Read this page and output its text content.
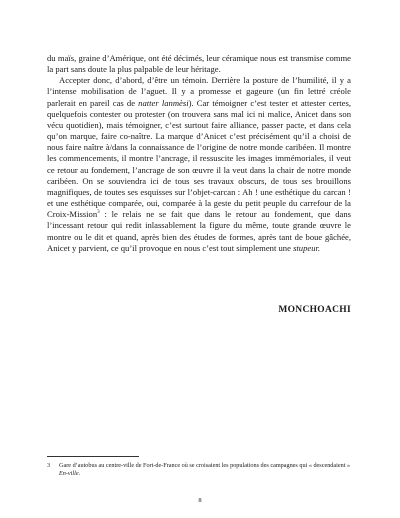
du maïs, graine d’Amérique, ont été décimés, leur céramique nous est transmise comme la part sans doute la plus palpable de leur héritage.

Accepter donc, d’abord, d’être un témoin. Derrière la posture de l’humilité, il y a l’intense mobilisation de l’aguet. Il y a promesse et gageure (un fin lettré créole parlerait en pareil cas de natter lanmèsi). Car témoigner c’est tester et attester certes, quelquefois contester ou protester (on trouvera sans mal ici ni malice, Anicet dans son vécu quotidien), mais témoigner, c’est surtout faire alliance, passer pacte, et dans cela qu’on marque, faire co-naître. La marque d’Anicet c’est précisément qu’il a choisi de nous faire naître à/dans la connaissance de l’origine de notre monde caribéen. Il montre les commencements, il montre l’ancrage, il ressuscite les images immémoriales, il veut ce retour au fondement, l’ancrage de son œuvre il la veut dans la chair de notre monde caribéen. On se souviendra ici de tous ses travaux obscurs, de tous ses brouillons magnifiques, de toutes ses esquisses sur l’objet-carcan : Ah ! une esthétique du carcan ! et une esthétique comparée, oui, comparée à la geste du petit peuple du carrefour de la Croix-Mission$^3$ : le relais ne se fait que dans le retour au fondement, que dans l’incessant retour qui redit inlassablement la figure du même, toute grande œuvre le montre ou le dit et quand, après bien des études de formes, après tant de boue gâchée, Anicet y parvient, ce qu’il provoque en nous c’est tout simplement une stupeur.

MONCHOACHI
3 Gare d’autobus au centre-ville de Fort-de-France où se croisaient les populations des campagnes qui « descendaient » En-ville.
8
